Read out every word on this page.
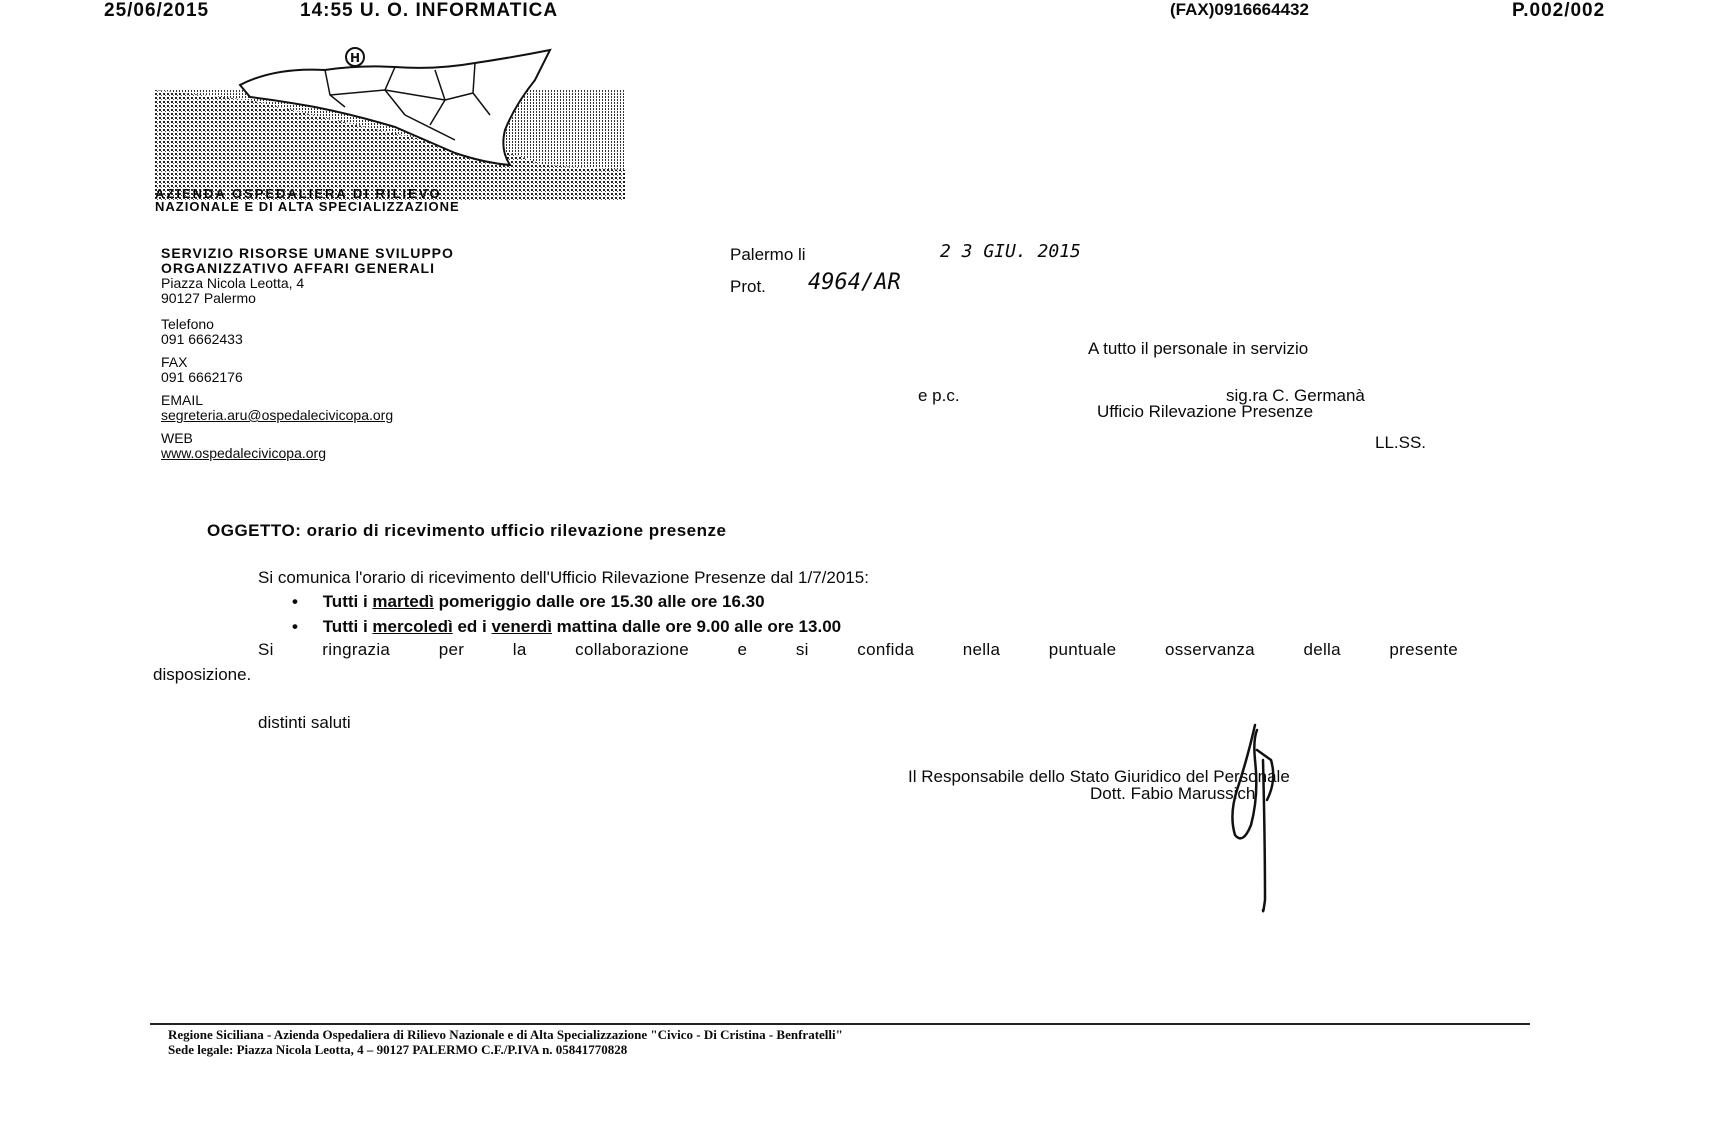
25/06/2015	14:55 U. O. INFORMATICA	(FAX)0916664432	P.002/002
H
AZIENDA OSPEDALIERA DI RILIEVO
NAZIONALE E DI ALTA SPECIALIZZAZIONE
SERVIZIO RISORSE UMANE SVILUPPO
ORGANIZZATIVO AFFARI GENERALI
Piazza Nicola Leotta, 4
90127 Palermo
Telefono
091 6662433
FAX
091 6662176
EMAIL
segreteria.aru@ospedalecivicopa.org
WEB
www.ospedalecivicopa.org
Palermo li	2 3 GIU. 2015
Prot. 4964/AR
A tutto il personale in servizio
e p.c.	sig.ra C. Germanà
Ufficio Rilevazione Presenze
LL.SS.
OGGETTO: orario di ricevimento ufficio rilevazione presenze
Si comunica l'orario di ricevimento dell'Ufficio Rilevazione Presenze dal 1/7/2015:
• Tutti i martedì pomeriggio dalle ore 15.30 alle ore 16.30
• Tutti i mercoledì ed i venerdì mattina dalle ore 9.00 alle ore 13.00
Si ringrazia per la collaborazione e si confida nella puntuale osservanza della presente
disposizione.
distinti saluti
Il Responsabile dello Stato Giuridico del Personale
Dott. Fabio Marussich
Regione Siciliana - Azienda Ospedaliera di Rilievo Nazionale e di Alta Specializzazione "Civico - Di Cristina - Benfratelli"
Sede legale: Piazza Nicola Leotta, 4 – 90127 PALERMO C.F./P.IVA n. 05841770828
